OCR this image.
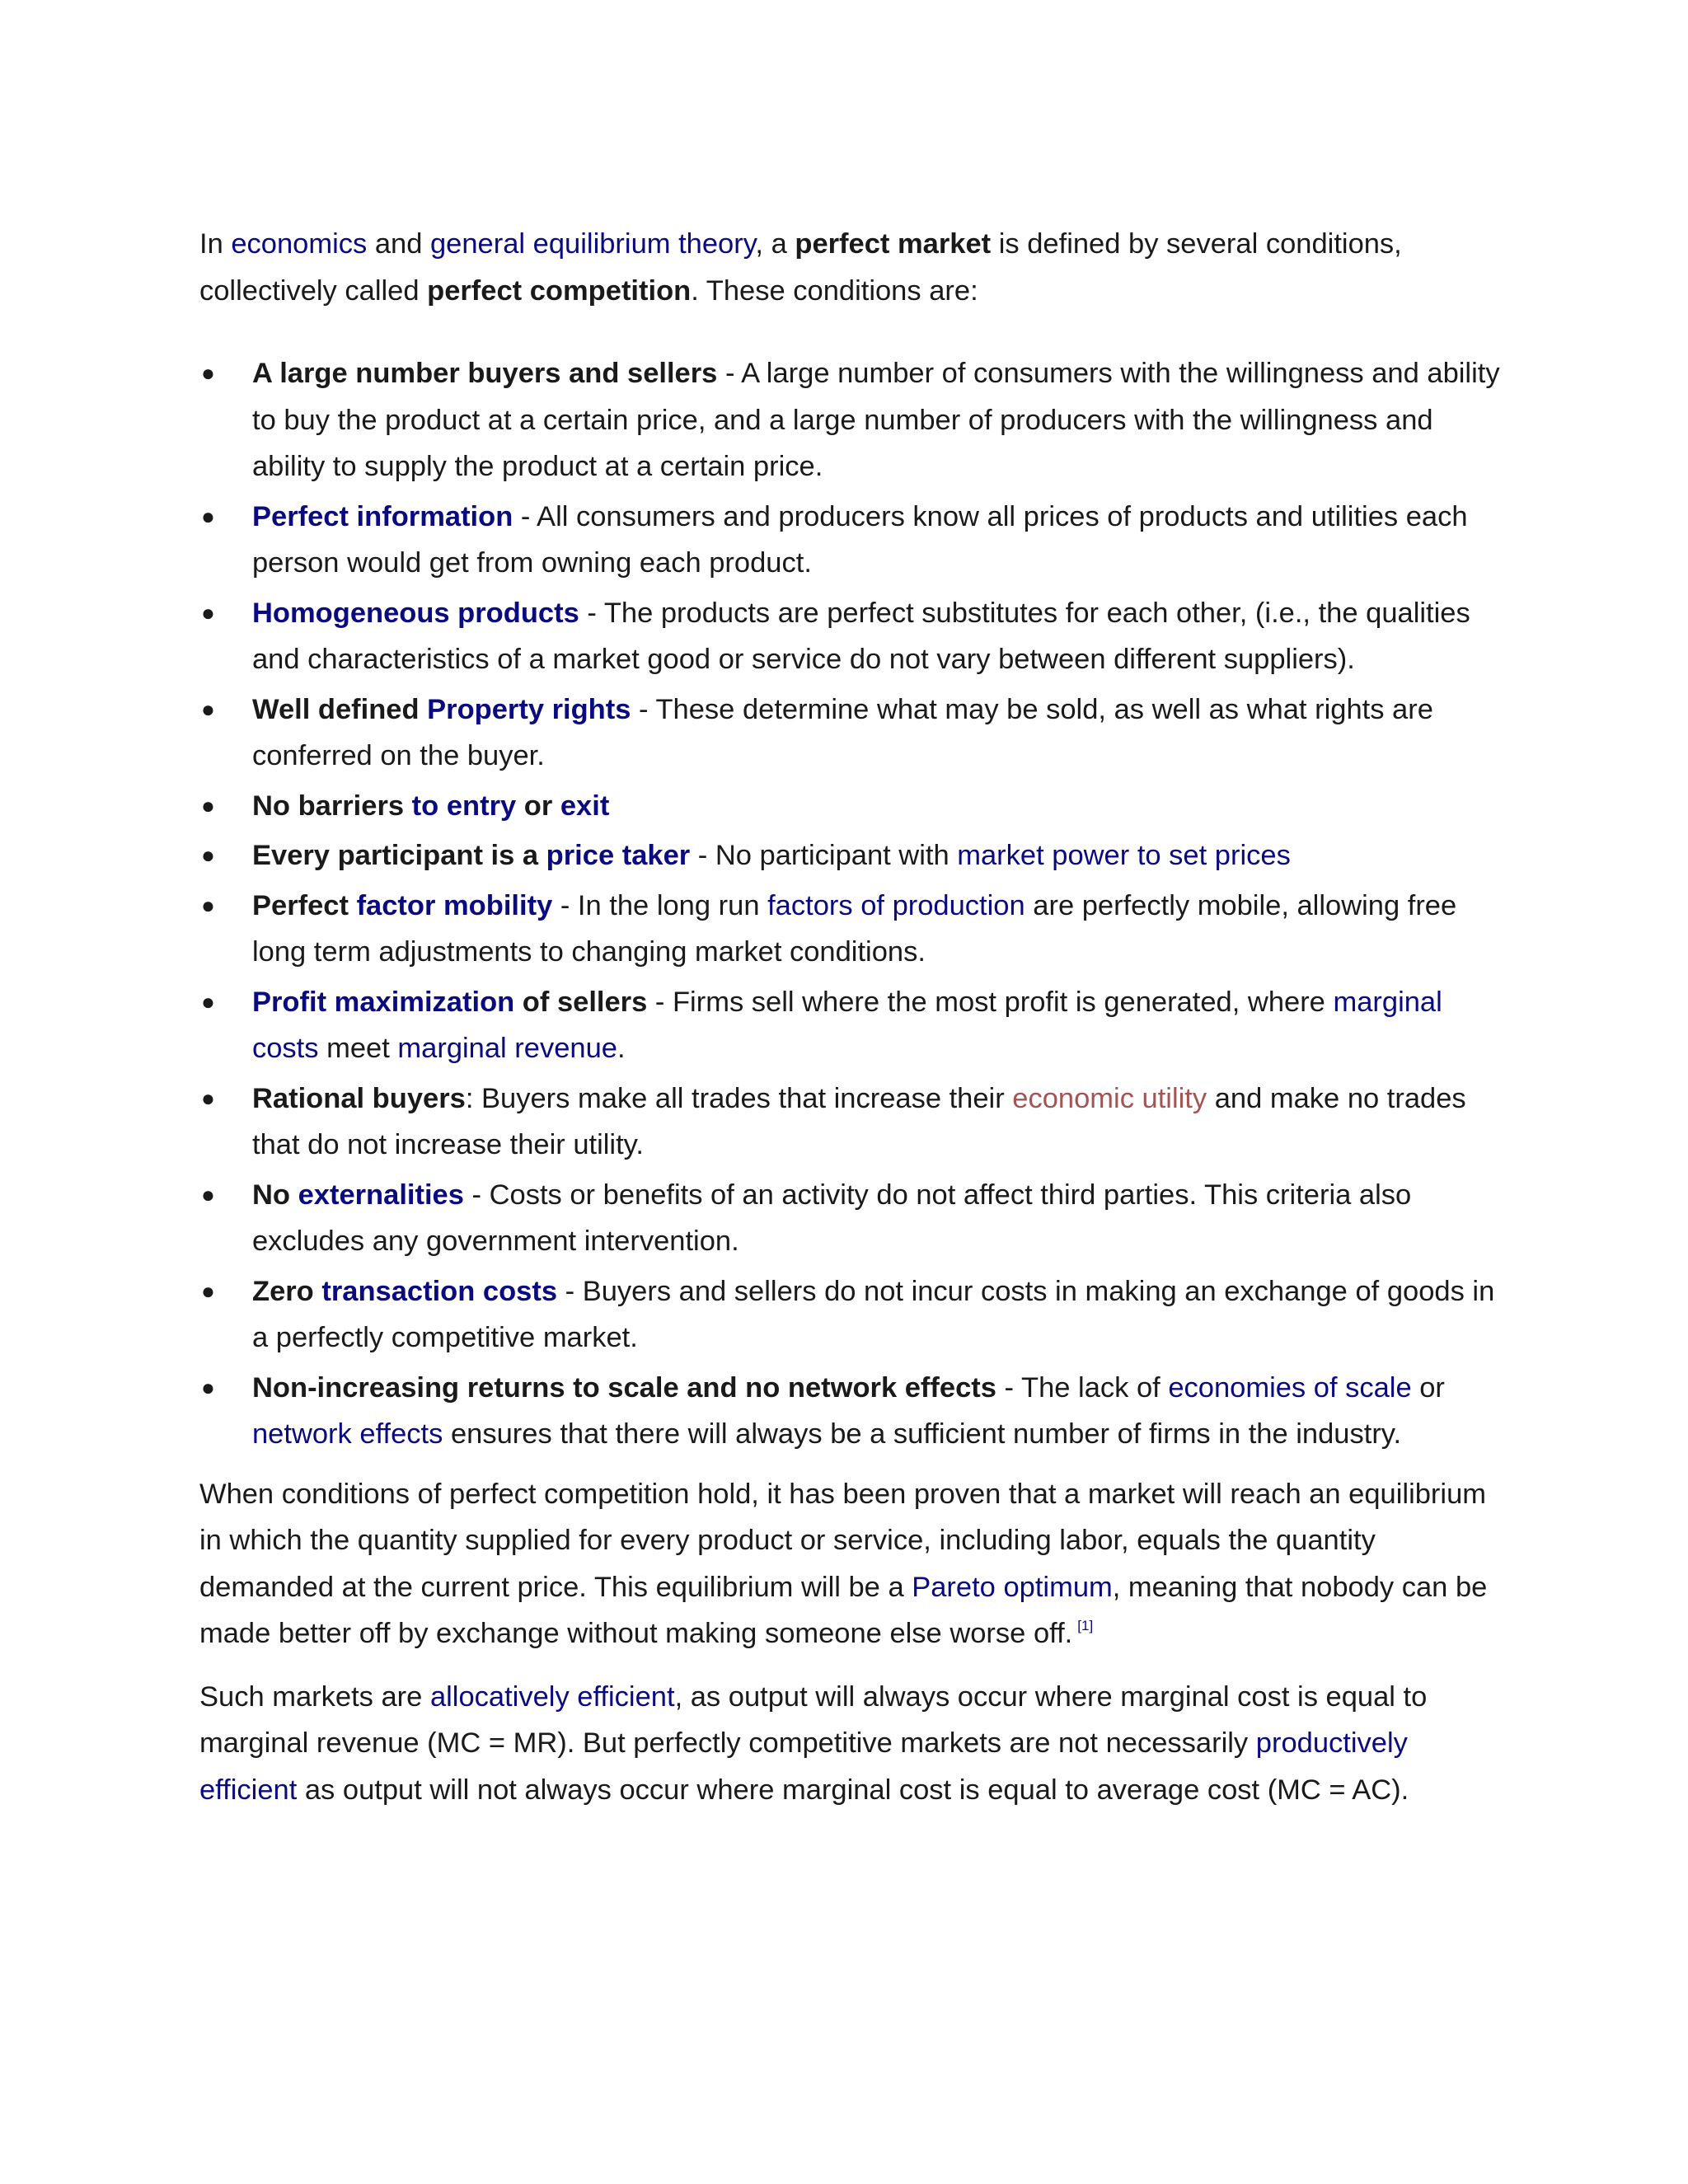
In economics and general equilibrium theory, a perfect market is defined by several conditions, collectively called perfect competition. These conditions are:

● A large number buyers and sellers - A large number of consumers with the willingness and ability to buy the product at a certain price, and a large number of producers with the willingness and ability to supply the product at a certain price.
● Perfect information - All consumers and producers know all prices of products and utilities each person would get from owning each product.
● Homogeneous products - The products are perfect substitutes for each other, (i.e., the qualities and characteristics of a market good or service do not vary between different suppliers).
● Well defined Property rights - These determine what may be sold, as well as what rights are conferred on the buyer.
● No barriers to entry or exit
● Every participant is a price taker - No participant with market power to set prices
● Perfect factor mobility - In the long run factors of production are perfectly mobile, allowing free long term adjustments to changing market conditions.
● Profit maximization of sellers - Firms sell where the most profit is generated, where marginal costs meet marginal revenue.
● Rational buyers: Buyers make all trades that increase their economic utility and make no trades that do not increase their utility.
● No externalities - Costs or benefits of an activity do not affect third parties. This criteria also excludes any government intervention.
● Zero transaction costs - Buyers and sellers do not incur costs in making an exchange of goods in a perfectly competitive market.
● Non-increasing returns to scale and no network effects - The lack of economies of scale or network effects ensures that there will always be a sufficient number of firms in the industry.

When conditions of perfect competition hold, it has been proven that a market will reach an equilibrium in which the quantity supplied for every product or service, including labor, equals the quantity demanded at the current price. This equilibrium will be a Pareto optimum, meaning that nobody can be made better off by exchange without making someone else worse off. [1]

Such markets are allocatively efficient, as output will always occur where marginal cost is equal to marginal revenue (MC = MR). But perfectly competitive markets are not necessarily productively efficient as output will not always occur where marginal cost is equal to average cost (MC = AC).
